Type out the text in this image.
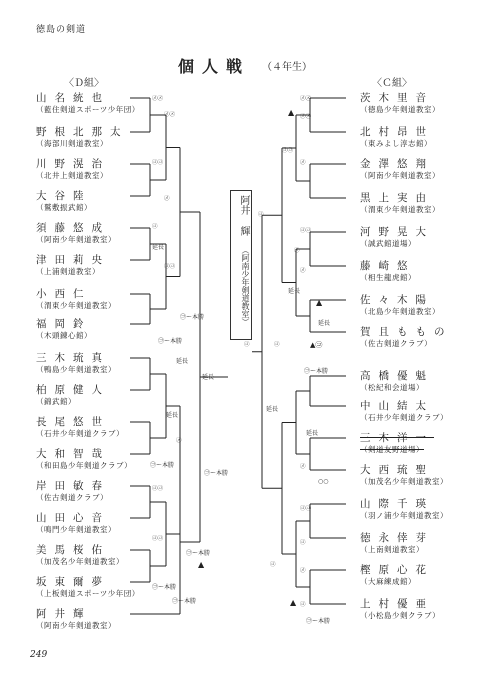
徳島の剣道
個人戦 （４年生）
〈Ｄ組〉	〈Ｃ組〉
山名統也
（藍住剣道スポーツ少年団）
野根北那太
（海部川剣道教室）
川野滉治
（北井上剣道教室）
大谷陸
（鷲敷振武館）
須藤悠成
（阿南少年剣道教室）
津田莉央
（上浦剣道教室）
小西仁
（渭東少年剣道教室）
福岡鈴
（木頭錬心館）
三木琉真
（鴨島少年剣道教室）
柏原健人
（錦武館）
長尾悠世
（石井少年剣道クラブ）
大和智哉
（和田島少年剣道クラブ）
岸田敏春
（佐古剣道クラブ）
山田心音
（鳴門少年剣道教室）
美馬桜佑
（加茂名少年剣道教室）
坂東爾夢
（上板剣道スポーツ少年団）
阿井輝
（阿南少年剣道教室）
茨木里音
（徳島少年剣道教室）
北村昂世
（東みよし淳志館）
金澤悠翔
（阿南少年剣道教室）
黒上実由
（渭東少年剣道教室）
河野晃大
（誠武館道場）
藤崎悠
（相生龍虎館）
佐々木陽
（北島少年剣道教室）
賀且ももの
（佐古剣道クラブ）
高橋優魁
（松紀和会道場）
中山結太
（石井少年剣道クラブ）
三木洋一
（剣道友野道場）
大西琉聖
（加茂名少年剣道教室）
山際千瑛
（羽ノ浦少年剣道教室）
徳永倖芽
（上南剣道教室）
樫原心花
（大麻練成館）
上村優亜
（小松島少剣クラブ）
阿井 輝
（阿南少年剣道教室）
㋱㋱
㋱㋱
㋙㋙
㋱
㋙
延長
㋙㋙
㋙ー本勝
㋙ー本勝
延長
延長
延長
㋱
㋙ー本勝
㋙ー本勝
㋙㋙
㋙㋙
㋙ー本勝
▲
㋙ー本勝
㋙ー本勝
㋱㋱
▲ ㋱㋱
㋙㋙
㋱
㋙
㋙㋙
㋱
㋱
延長
▲
延長
▲㋙
㋙	㋙
㋙ー本勝
延長
延長
㋱
○○
㋙㋙
㋙
㋙
㋱
▲ ㋙
㋙ー本勝
249
